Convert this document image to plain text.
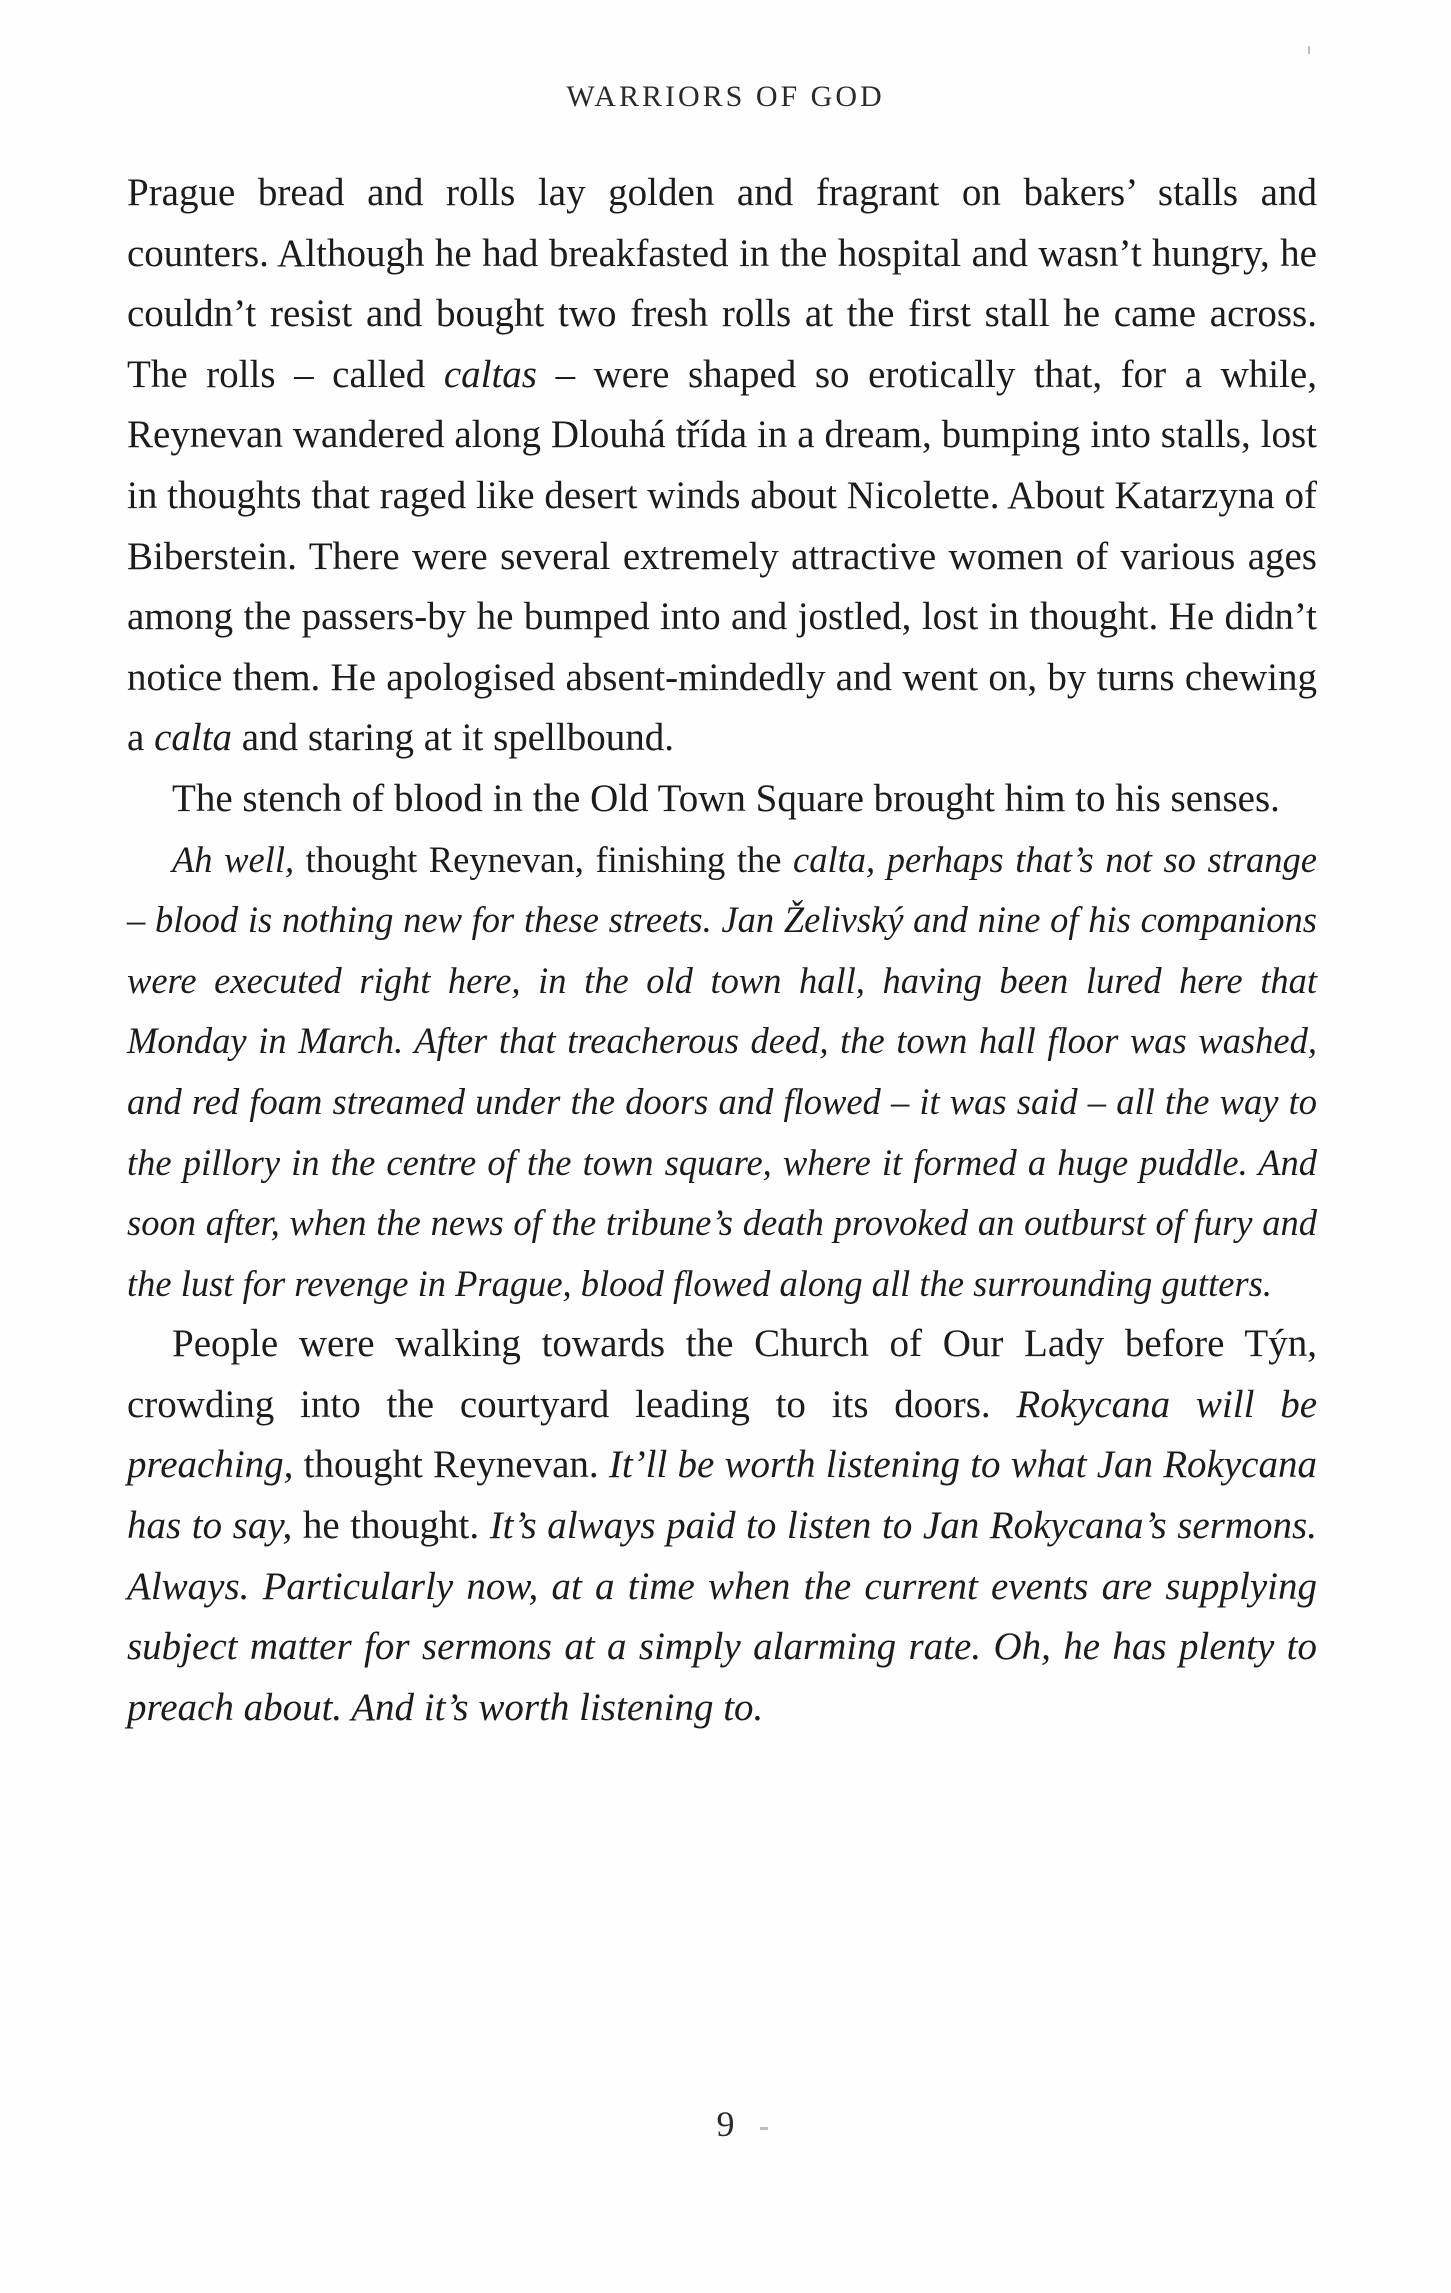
WARRIORS OF GOD

Prague bread and rolls lay golden and fragrant on bakers’ stalls and counters. Although he had breakfasted in the hospital and wasn’t hungry, he couldn’t resist and bought two fresh rolls at the first stall he came across. The rolls – called caltas – were shaped so erotically that, for a while, Reynevan wandered along Dlouhá třída in a dream, bumping into stalls, lost in thoughts that raged like desert winds about Nicolette. About Katarzyna of Biberstein. There were several extremely attractive women of various ages among the passers-by he bumped into and jostled, lost in thought. He didn’t notice them. He apologised absent-mindedly and went on, by turns chewing a calta and staring at it spellbound.

The stench of blood in the Old Town Square brought him to his senses.

Ah well, thought Reynevan, finishing the calta, perhaps that’s not so strange – blood is nothing new for these streets. Jan Želivský and nine of his companions were executed right here, in the old town hall, having been lured here that Monday in March. After that treacherous deed, the town hall floor was washed, and red foam streamed under the doors and flowed – it was said – all the way to the pillory in the centre of the town square, where it formed a huge puddle. And soon after, when the news of the tribune’s death provoked an outburst of fury and the lust for revenge in Prague, blood flowed along all the surrounding gutters.

People were walking towards the Church of Our Lady before Týn, crowding into the courtyard leading to its doors. Rokycana will be preaching, thought Reynevan. It’ll be worth listening to what Jan Rokycana has to say, he thought. It’s always paid to listen to Jan Rokycana’s sermons. Always. Particularly now, at a time when the current events are supplying subject matter for sermons at a simply alarming rate. Oh, he has plenty to preach about. And it’s worth listening to.

9
